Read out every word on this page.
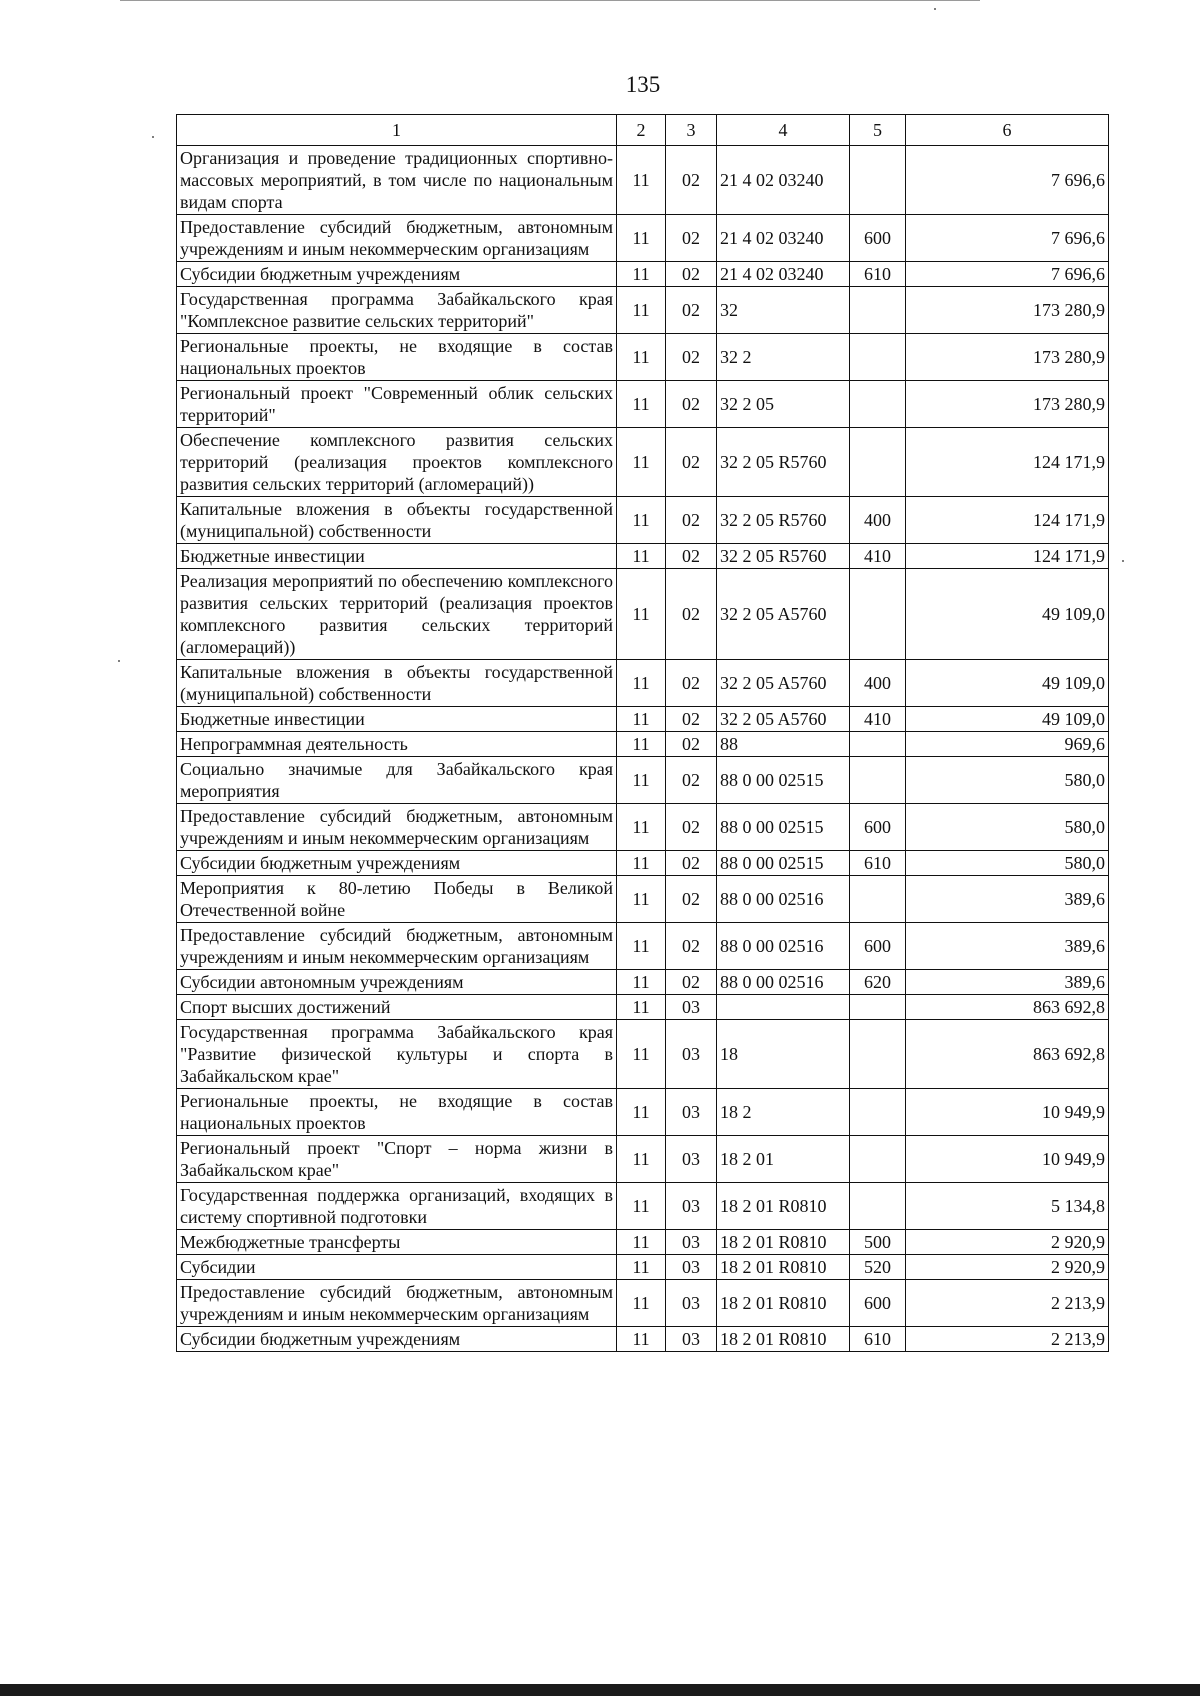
135
1	2	3	4	5	6
Организация и проведение традиционных спортивно-массовых мероприятий, в том числе по национальным видам спорта	11	02	21 4 02 03240		7 696,6
Предоставление субсидий бюджетным, автономным учреждениям и иным некоммерческим организациям	11	02	21 4 02 03240	600	7 696,6
Субсидии бюджетным учреждениям	11	02	21 4 02 03240	610	7 696,6
Государственная программа Забайкальского края "Комплексное развитие сельских территорий"	11	02	32		173 280,9
Региональные проекты, не входящие в состав национальных проектов	11	02	32 2		173 280,9
Региональный проект "Современный облик сельских территорий"	11	02	32 2 05		173 280,9
Обеспечение комплексного развития сельских территорий (реализация проектов комплексного развития сельских территорий (агломераций))	11	02	32 2 05 R5760		124 171,9
Капитальные вложения в объекты государственной (муниципальной) собственности	11	02	32 2 05 R5760	400	124 171,9
Бюджетные инвестиции	11	02	32 2 05 R5760	410	124 171,9
Реализация мероприятий по обеспечению комплексного развития сельских территорий (реализация проектов комплексного развития сельских территорий (агломераций))	11	02	32 2 05 A5760		49 109,0
Капитальные вложения в объекты государственной (муниципальной) собственности	11	02	32 2 05 A5760	400	49 109,0
Бюджетные инвестиции	11	02	32 2 05 A5760	410	49 109,0
Непрограммная деятельность	11	02	88		969,6
Социально значимые для Забайкальского края мероприятия	11	02	88 0 00 02515		580,0
Предоставление субсидий бюджетным, автономным учреждениям и иным некоммерческим организациям	11	02	88 0 00 02515	600	580,0
Субсидии бюджетным учреждениям	11	02	88 0 00 02515	610	580,0
Мероприятия к 80-летию Победы в Великой Отечественной войне	11	02	88 0 00 02516		389,6
Предоставление субсидий бюджетным, автономным учреждениям и иным некоммерческим организациям	11	02	88 0 00 02516	600	389,6
Субсидии автономным учреждениям	11	02	88 0 00 02516	620	389,6
Спорт высших достижений	11	03			863 692,8
Государственная программа Забайкальского края "Развитие физической культуры и спорта в Забайкальском крае"	11	03	18		863 692,8
Региональные проекты, не входящие в состав национальных проектов	11	03	18 2		10 949,9
Региональный проект "Спорт – норма жизни в Забайкальском крае"	11	03	18 2 01		10 949,9
Государственная поддержка организаций, входящих в систему спортивной подготовки	11	03	18 2 01 R0810		5 134,8
Межбюджетные трансферты	11	03	18 2 01 R0810	500	2 920,9
Субсидии	11	03	18 2 01 R0810	520	2 920,9
Предоставление субсидий бюджетным, автономным учреждениям и иным некоммерческим организациям	11	03	18 2 01 R0810	600	2 213,9
Субсидии бюджетным учреждениям	11	03	18 2 01 R0810	610	2 213,9
